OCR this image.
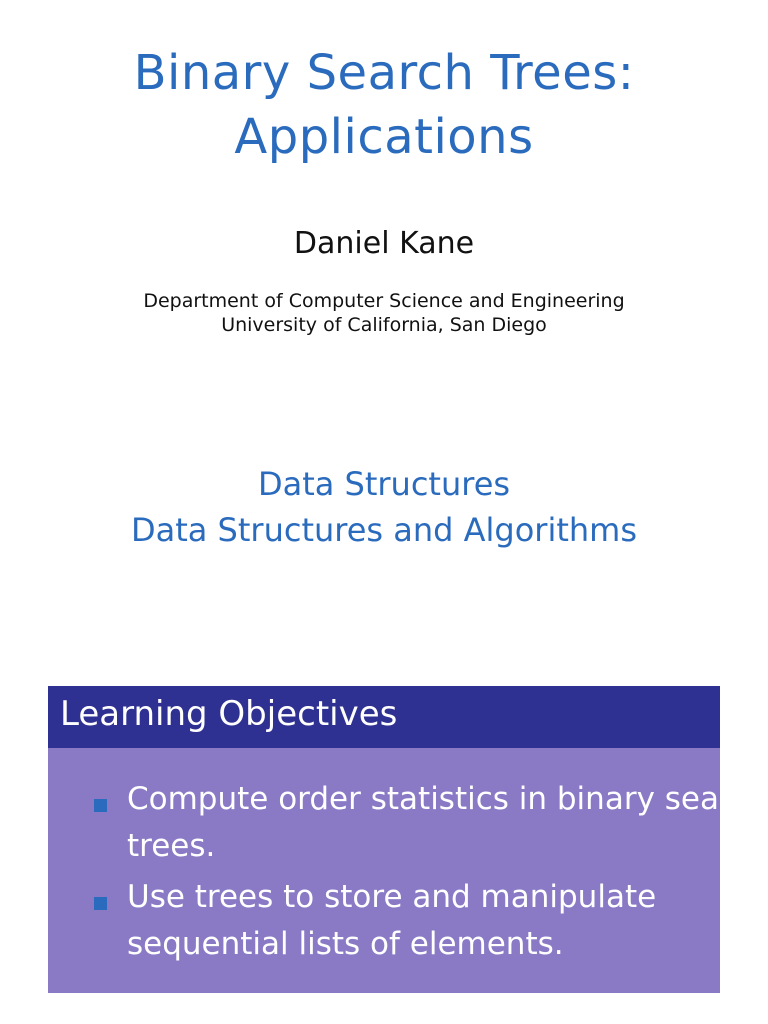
Binary Search Trees:
Applications
Daniel Kane
Department of Computer Science and Engineering
University of California, San Diego
Data Structures
Data Structures and Algorithms
Learning Objectives
Compute order statistics in binary search
trees.
Use trees to store and manipulate
sequential lists of elements.
